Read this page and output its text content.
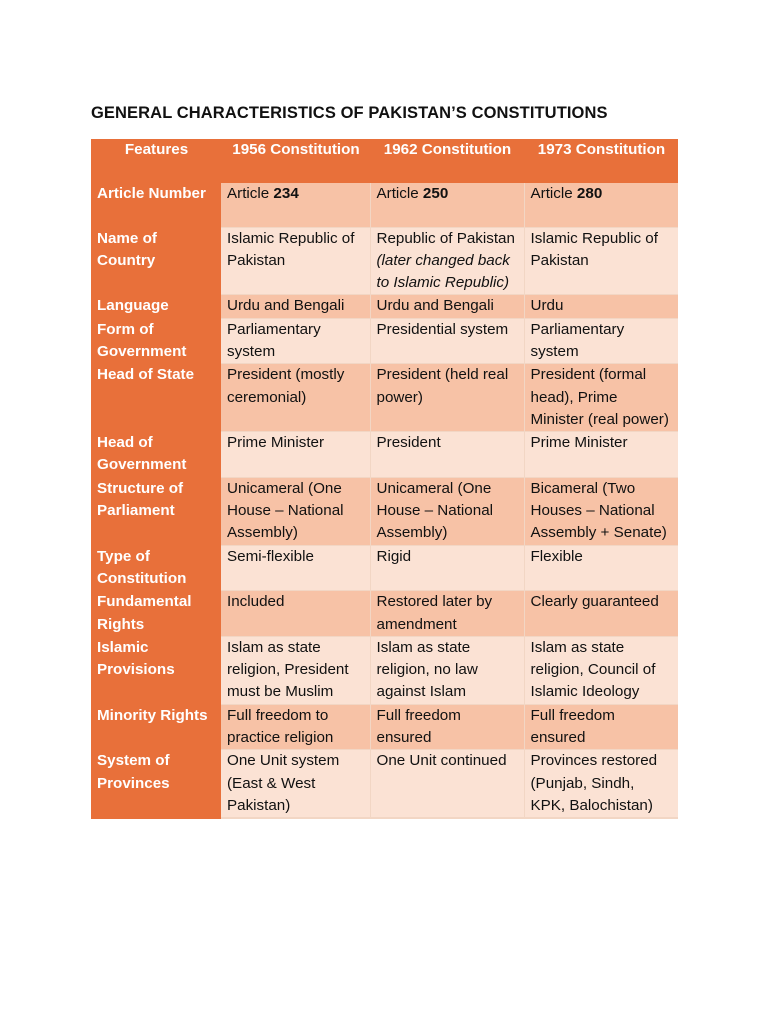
GENERAL CHARACTERISTICS OF PAKISTAN’S CONSTITUTIONS
Features	1956 Constitution	1962 Constitution	1973 Constitution
Article Number	Article 234	Article 250	Article 280
Name of Country	Islamic Republic of Pakistan	Republic of Pakistan (later changed back to Islamic Republic)	Islamic Republic of Pakistan
Language	Urdu and Bengali	Urdu and Bengali	Urdu
Form of Government	Parliamentary system	Presidential system	Parliamentary system
Head of State	President (mostly ceremonial)	President (held real power)	President (formal head), Prime Minister (real power)
Head of Government	Prime Minister	President	Prime Minister
Structure of Parliament	Unicameral (One House – National Assembly)	Unicameral (One House – National Assembly)	Bicameral (Two Houses – National Assembly + Senate)
Type of Constitution	Semi-flexible	Rigid	Flexible
Fundamental Rights	Included	Restored later by amendment	Clearly guaranteed
Islamic Provisions	Islam as state religion, President must be Muslim	Islam as state religion, no law against Islam	Islam as state religion, Council of Islamic Ideology
Minority Rights	Full freedom to practice religion	Full freedom ensured	Full freedom ensured
System of Provinces	One Unit system (East & West Pakistan)	One Unit continued	Provinces restored (Punjab, Sindh, KPK, Balochistan)
